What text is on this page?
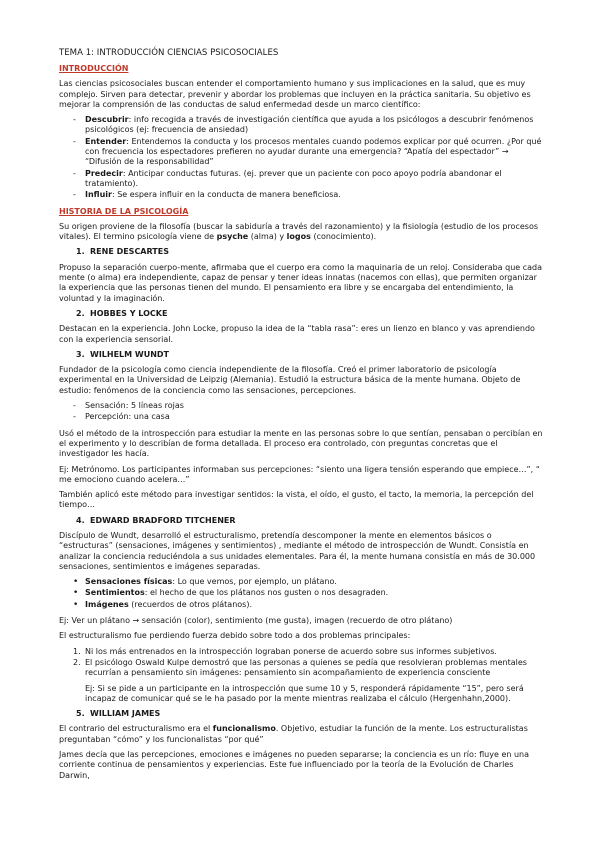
TEMA 1: INTRODUCCIÓN CIENCIAS PSICOSOCIALES
INTRODUCCIÓN

Las ciencias psicosociales buscan entender el comportamiento humano y sus implicaciones en la salud, que es muy complejo. Sirven para detectar, prevenir y abordar los problemas que incluyen en la práctica sanitaria. Su objetivo es mejorar la comprensión de las conductas de salud enfermedad desde un marco científico:

- Descubrir: info recogida a través de investigación científica que ayuda a los psicólogos a descubrir fenómenos psicológicos (ej: frecuencia de ansiedad)
- Entender: Entendemos la conducta y los procesos mentales cuando podemos explicar por qué ocurren. ¿Por qué con frecuencia los espectadores prefieren no ayudar durante una emergencia? “Apatía del espectador” → “Difusión de la responsabilidad”
- Predecir: Anticipar conductas futuras. (ej. prever que un paciente con poco apoyo podría abandonar el tratamiento).
- Influir: Se espera influir en la conducta de manera beneficiosa.
HISTORIA DE LA PSICOLOGÍA

Su origen proviene de la filosofía (buscar la sabiduría a través del razonamiento) y la fisiología (estudio de los procesos vitales). El termino psicología viene de psyche (alma) y logos (conocimiento).

1. RENE DESCARTES

Propuso la separación cuerpo-mente, afirmaba que el cuerpo era como la maquinaria de un reloj. Consideraba que cada mente (o alma) era independiente, capaz de pensar y tener ideas innatas (nacemos con ellas), que permiten organizar la experiencia que las personas tienen del mundo. El pensamiento era libre y se encargaba del entendimiento, la voluntad y la imaginación.

2. HOBBES Y LOCKE

Destacan en la experiencia. John Locke, propuso la idea de la “tabla rasa”: eres un lienzo en blanco y vas aprendiendo con la experiencia sensorial.

3. WILHELM WUNDT

Fundador de la psicología como ciencia independiente de la filosofía. Creó el primer laboratorio de psicología experimental en la Universidad de Leipzig (Alemania). Estudió la estructura básica de la mente humana. Objeto de estudio: fenómenos de la conciencia como las sensaciones, percepciones.

- Sensación: 5 líneas rojas
- Percepción: una casa

Usó el método de la introspección para estudiar la mente en las personas sobre lo que sentían, pensaban o percibían en el experimento y lo describían de forma detallada. El proceso era controlado, con preguntas concretas que el investigador les hacía.

Ej: Metrónomo. Los participantes informaban sus percepciones: “siento una ligera tensión esperando que empiece…”, “ me emociono cuando acelera…”

También aplicó este método para investigar sentidos: la vista, el oído, el gusto, el tacto, la memoria, la percepción del tiempo…

4. EDWARD BRADFORD TITCHENER

Discípulo de Wundt, desarrolló el estructuralismo, pretendía descomponer la mente en elementos básicos o “estructuras” (sensaciones, imágenes y sentimientos) , mediante el método de introspección de Wundt. Consistía en analizar la conciencia reduciéndola a sus unidades elementales. Para él, la mente humana consistía en más de 30.000 sensaciones, sentimientos e imágenes separadas.

• Sensaciones físicas: Lo que vemos, por ejemplo, un plátano.
• Sentimientos: el hecho de que los plátanos nos gusten o nos desagraden.
• Imágenes (recuerdos de otros plátanos).

Ej: Ver un plátano → sensación (color), sentimiento (me gusta), imagen (recuerdo de otro plátano)

El estructuralismo fue perdiendo fuerza debido sobre todo a dos problemas principales:

1. Ni los más entrenados en la introspección lograban ponerse de acuerdo sobre sus informes subjetivos.
2. El psicólogo Oswald Kulpe demostró que las personas a quienes se pedía que resolvieran problemas mentales recurrían a pensamiento sin imágenes: pensamiento sin acompañamiento de experiencia consciente

Ej: Si se pide a un participante en la introspección que sume 10 y 5, responderá rápidamente “15”, pero será incapaz de comunicar qué se le ha pasado por la mente mientras realizaba el cálculo (Hergenhahn,2000).

5. WILLIAM JAMES

El contrario del estructuralismo era el funcionalismo. Objetivo, estudiar la función de la mente. Los estructuralistas preguntaban “cómo” y los funcionalistas “por qué”

James decía que las percepciones, emociones e imágenes no pueden separarse; la conciencia es un río: fluye en una corriente continua de pensamientos y experiencias. Este fue influenciado por la teoría de la Evolución de Charles Darwin,
